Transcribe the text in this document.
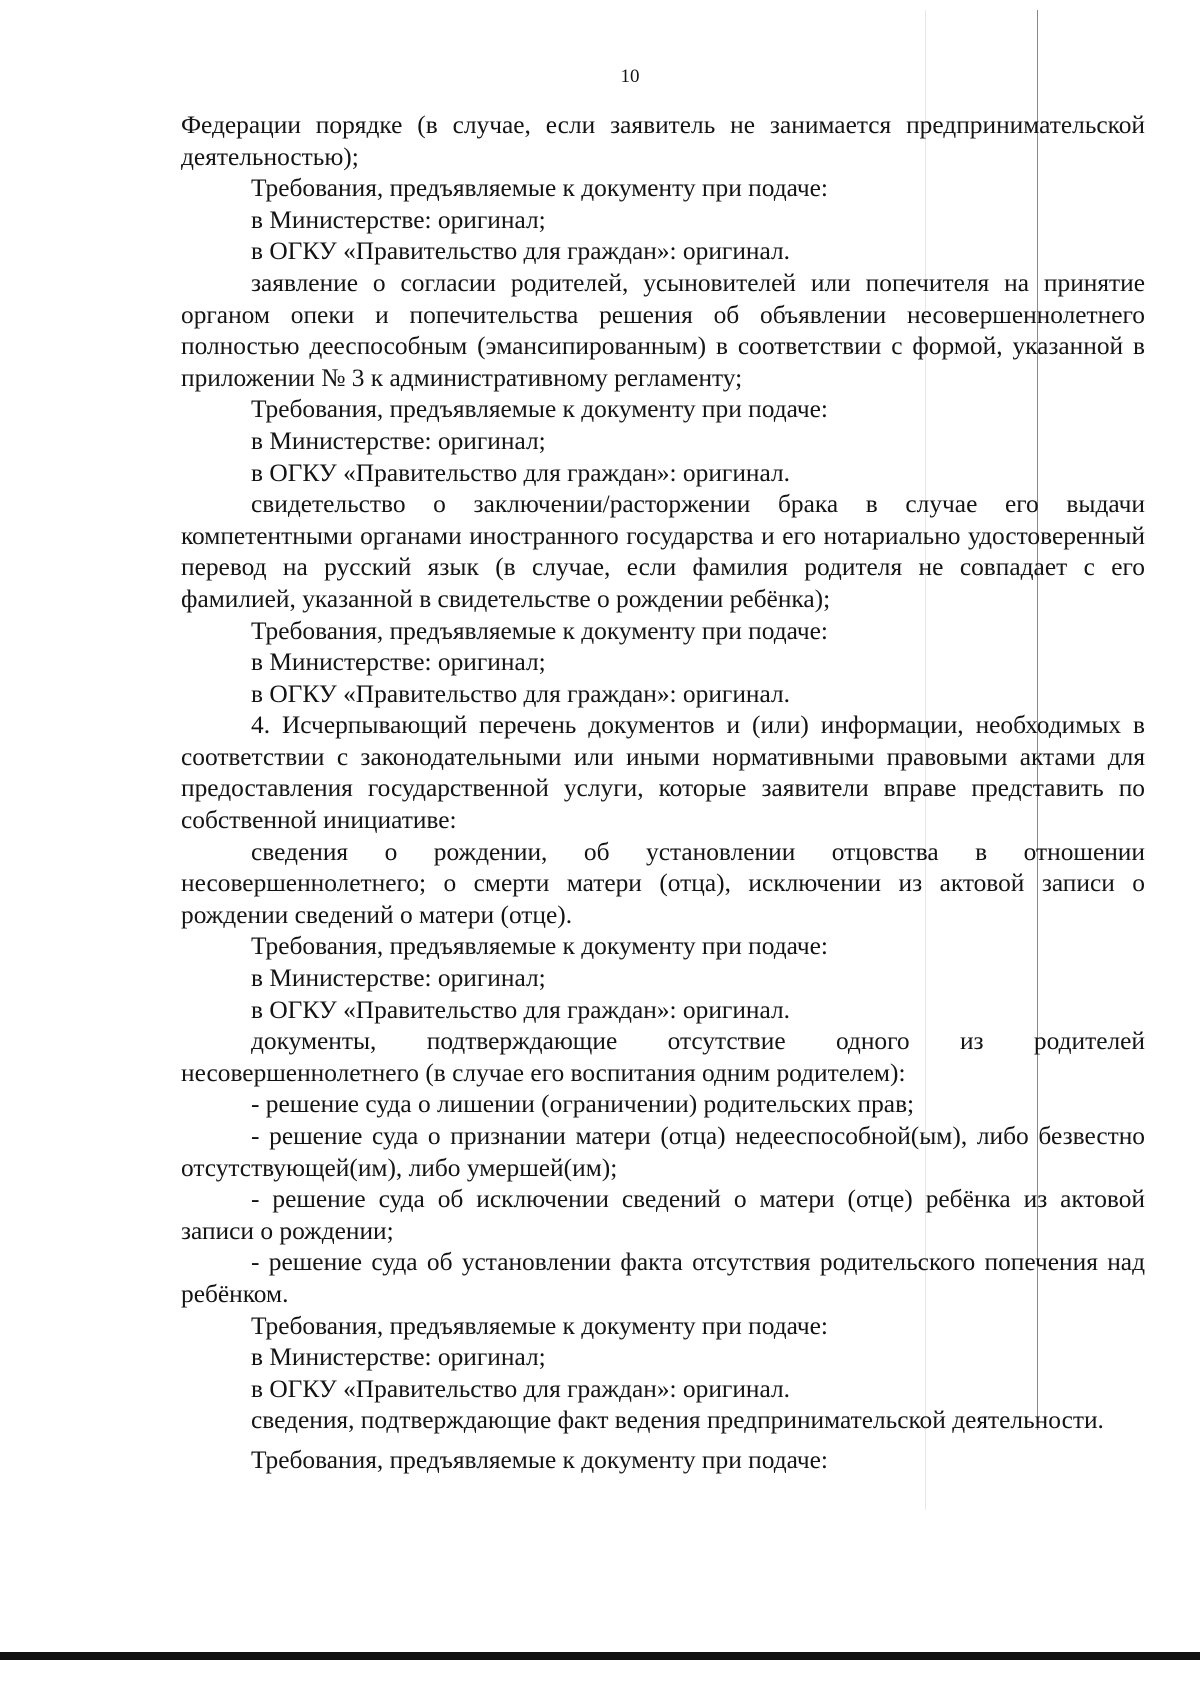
10

Федерации порядке (в случае, если заявитель не занимается предпринимательской деятельностью);

Требования, предъявляемые к документу при подаче:

в Министерстве: оригинал;

в ОГКУ «Правительство для граждан»: оригинал.

заявление о согласии родителей, усыновителей или попечителя на принятие органом опеки и попечительства решения об объявлении несовершеннолетнего полностью дееспособным (эмансипированным) в соответствии с формой, указанной в приложении № 3 к административному регламенту;

Требования, предъявляемые к документу при подаче:

в Министерстве: оригинал;

в ОГКУ «Правительство для граждан»: оригинал.

свидетельство о заключении/расторжении брака в случае его выдачи компетентными органами иностранного государства и его нотариально удостоверенный перевод на русский язык (в случае, если фамилия родителя не совпадает с его фамилией, указанной в свидетельстве о рождении ребёнка);

Требования, предъявляемые к документу при подаче:

в Министерстве: оригинал;

в ОГКУ «Правительство для граждан»: оригинал.

4. Исчерпывающий перечень документов и (или) информации, необходимых в соответствии с законодательными или иными нормативными правовыми актами для предоставления государственной услуги, которые заявители вправе представить по собственной инициативе:

сведения о рождении, об установлении отцовства в отношении несовершеннолетнего; о смерти матери (отца), исключении из актовой записи о рождении сведений о матери (отце).

Требования, предъявляемые к документу при подаче:

в Министерстве: оригинал;

в ОГКУ «Правительство для граждан»: оригинал.

документы, подтверждающие отсутствие одного из родителей несовершеннолетнего (в случае его воспитания одним родителем):

- решение суда о лишении (ограничении) родительских прав;

- решение суда о признании матери (отца) недееспособной(ым), либо безвестно отсутствующей(им), либо умершей(им);

- решение суда об исключении сведений о матери (отце) ребёнка из актовой записи о рождении;

- решение суда об установлении факта отсутствия родительского попечения над ребёнком.

Требования, предъявляемые к документу при подаче:

в Министерстве: оригинал;

в ОГКУ «Правительство для граждан»: оригинал.

сведения, подтверждающие факт ведения предпринимательской деятельности.

Требования, предъявляемые к документу при подаче:
